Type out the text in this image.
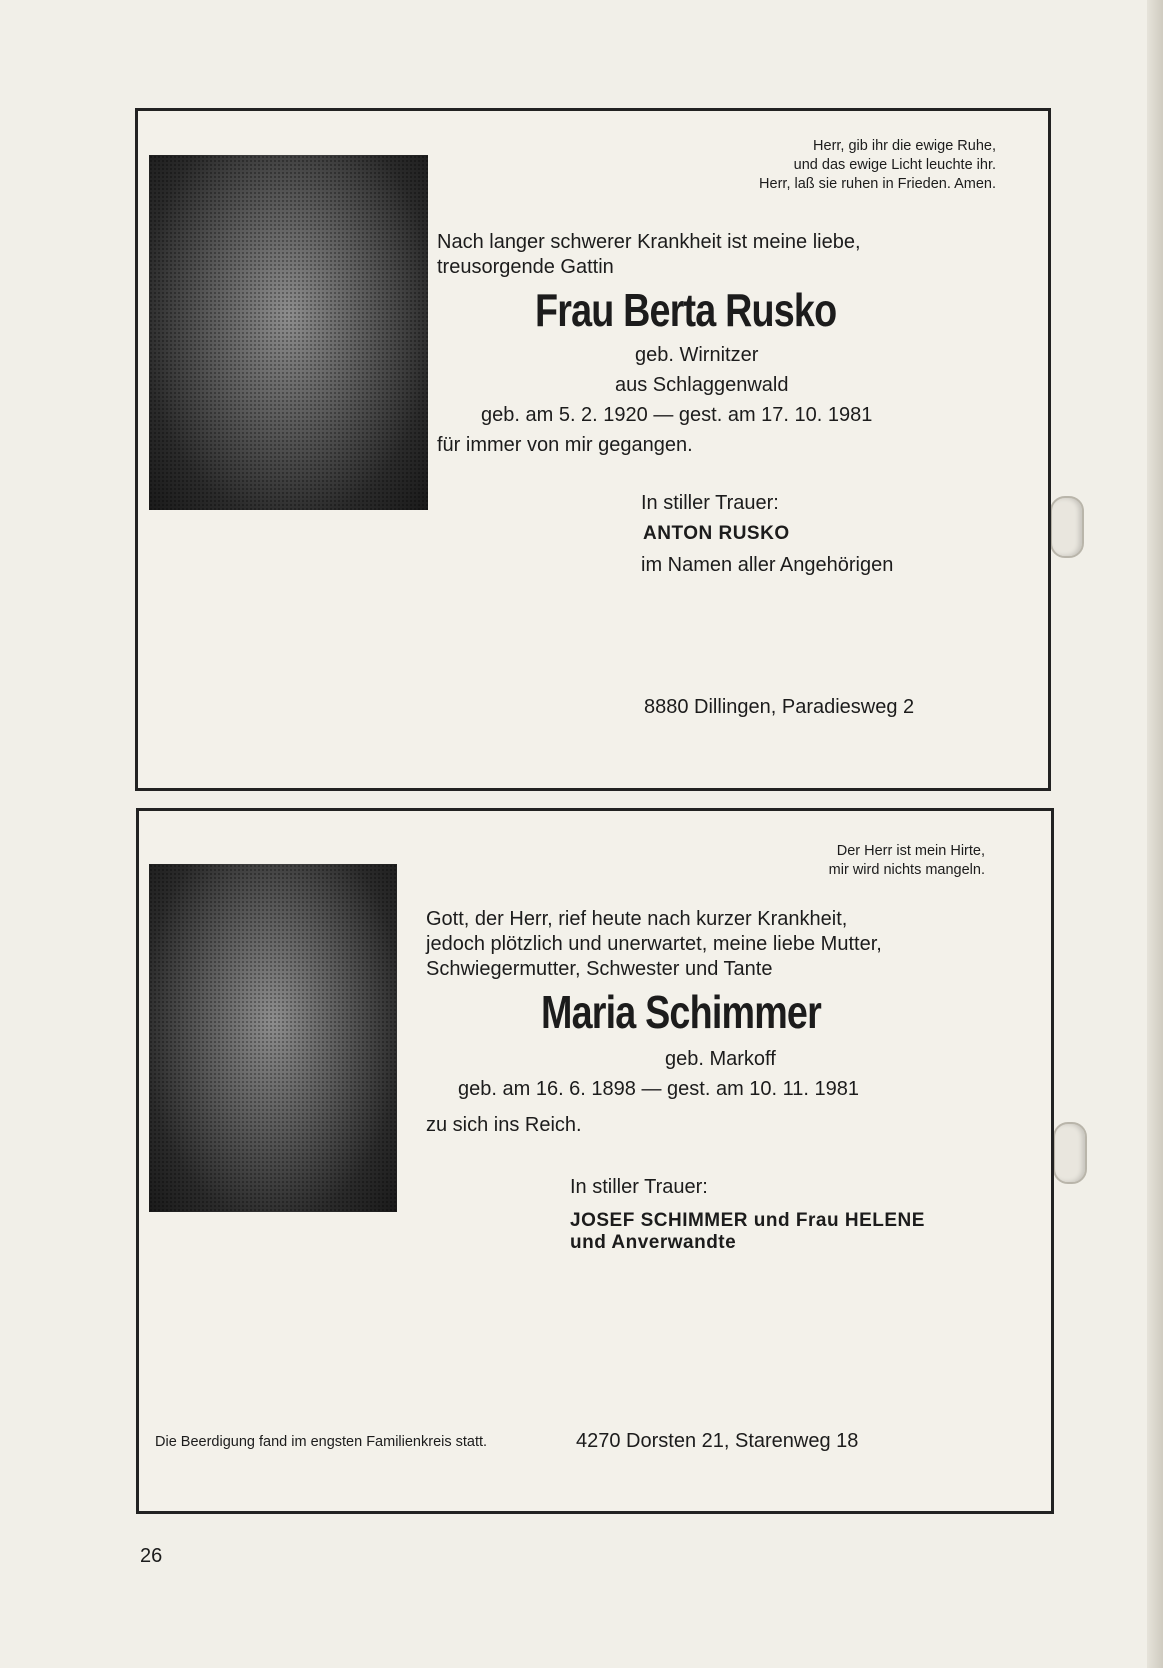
Herr, gib ihr die ewige Ruhe,
und das ewige Licht leuchte ihr.
Herr, laß sie ruhen in Frieden. Amen.
Nach langer schwerer Krankheit ist meine liebe,
treusorgende Gattin
Frau Berta Rusko
geb. Wirnitzer
aus Schlaggenwald
geb. am 5. 2. 1920 — gest. am 17. 10. 1981
für immer von mir gegangen.
In stiller Trauer:
ANTON RUSKO
im Namen aller Angehörigen
8880 Dillingen, Paradiesweg 2
Der Herr ist mein Hirte,
mir wird nichts mangeln.
Gott, der Herr, rief heute nach kurzer Krankheit,
jedoch plötzlich und unerwartet, meine liebe Mutter,
Schwiegermutter, Schwester und Tante
Maria Schimmer
geb. Markoff
geb. am 16. 6. 1898 — gest. am 10. 11. 1981
zu sich ins Reich.
In stiller Trauer:
JOSEF SCHIMMER und Frau HELENE
und Anverwandte
Die Beerdigung fand im engsten Familienkreis statt.	4270 Dorsten 21, Starenweg 18
26
